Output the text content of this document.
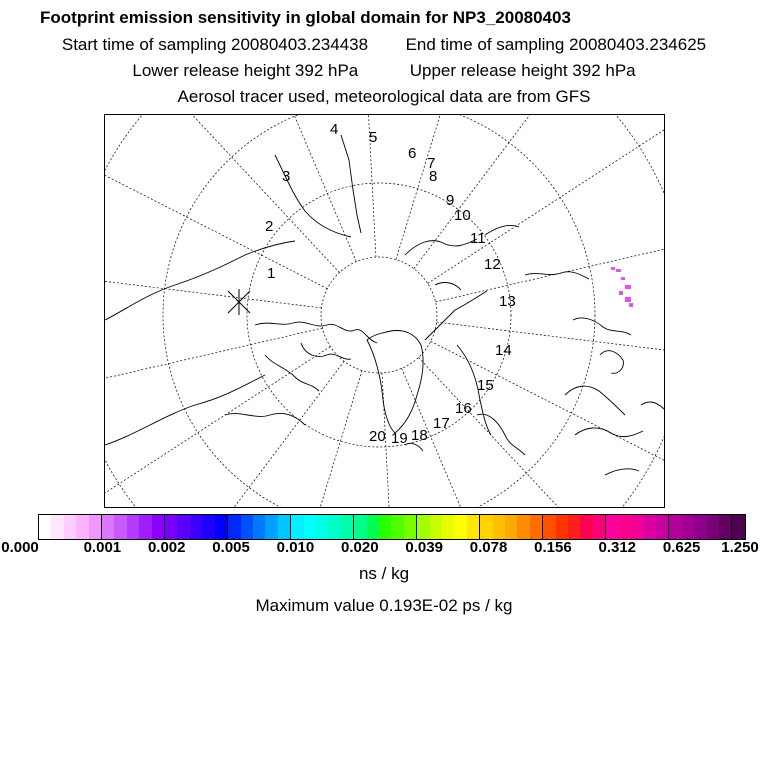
Footprint emission sensitivity in global domain for NP3_20080403
Start time of sampling 20080403.234438 End time of sampling 20080403.234625
Lower release height 392 hPa	Upper release height 392 hPa
Aerosol tracer used, meteorological data are from GFS
1
2
3
4 5
6
7
8
9
10
11
12
13
14
15
16
17
18
19
20
0.000	0.001 0.002 0.005 0.010 0.020 0.039 0.078 0.156 0.312 0.625 1.250
ns / kg
Maximum value 0.193E-02 ps / kg
